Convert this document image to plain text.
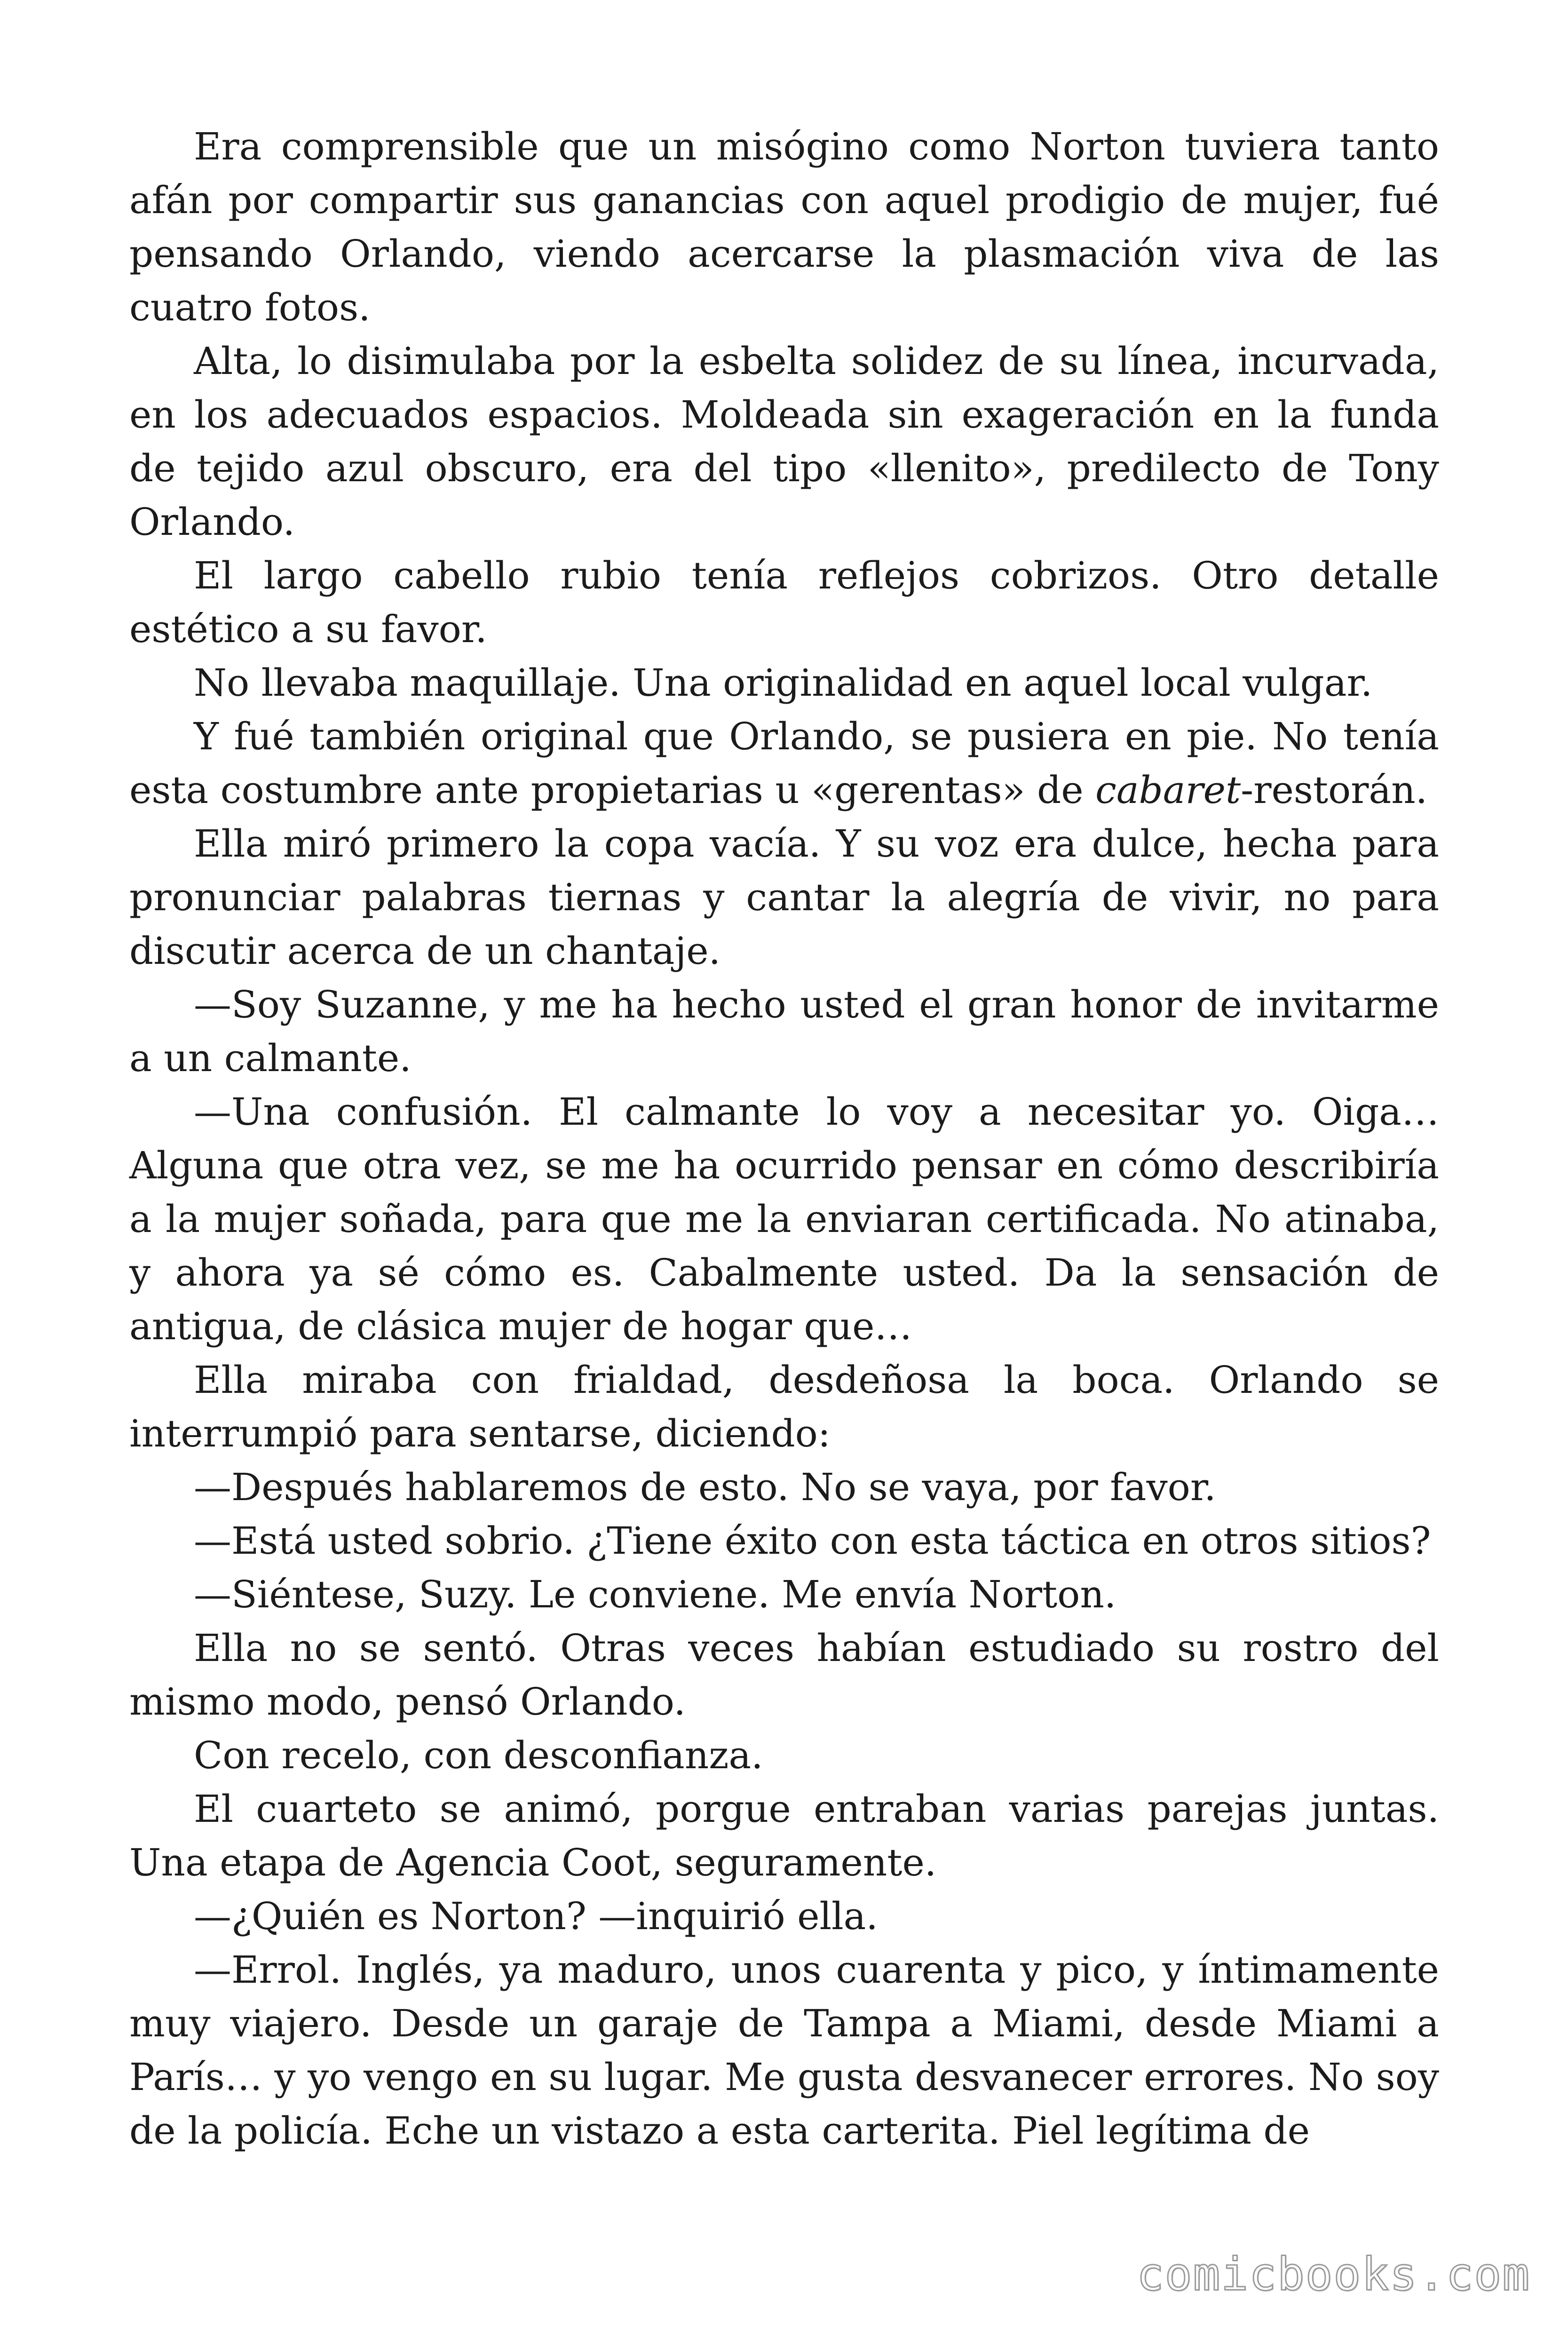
Era comprensible que un misógino como Norton tuviera tanto afán por compartir sus ganancias con aquel prodigio de mujer, fué pensando Orlando, viendo acercarse la plasmación viva de las cuatro fotos.

Alta, lo disimulaba por la esbelta solidez de su línea, incurvada, en los adecuados espacios. Moldeada sin exageración en la funda de tejido azul obscuro, era del tipo «llenito», predilecto de Tony Orlando.

El largo cabello rubio tenía reflejos cobrizos. Otro detalle estético a su favor.

No llevaba maquillaje. Una originalidad en aquel local vulgar.

Y fué también original que Orlando, se pusiera en pie. No tenía esta costumbre ante propietarias u «gerentas» de cabaret-restorán.

Ella miró primero la copa vacía. Y su voz era dulce, hecha para pronunciar palabras tiernas y cantar la alegría de vivir, no para discutir acerca de un chantaje.

—Soy Suzanne, y me ha hecho usted el gran honor de invitarme a un calmante.

—Una confusión. El calmante lo voy a necesitar yo. Oiga… Alguna que otra vez, se me ha ocurrido pensar en cómo describiría a la mujer soñada, para que me la enviaran certificada. No atinaba, y ahora ya sé cómo es. Cabalmente usted. Da la sensación de antigua, de clásica mujer de hogar que…

Ella miraba con frialdad, desdeñosa la boca. Orlando se interrumpió para sentarse, diciendo:

—Después hablaremos de esto. No se vaya, por favor.

—Está usted sobrio. ¿Tiene éxito con esta táctica en otros sitios?

—Siéntese, Suzy. Le conviene. Me envía Norton.

Ella no se sentó. Otras veces habían estudiado su rostro del mismo modo, pensó Orlando.

Con recelo, con desconfianza.

El cuarteto se animó, porgue entraban varias parejas juntas. Una etapa de Agencia Coot, seguramente.

—¿Quién es Norton? —inquirió ella.

—Errol. Inglés, ya maduro, unos cuarenta y pico, y íntimamente muy viajero. Desde un garaje de Tampa a Miami, desde Miami a París… y yo vengo en su lugar. Me gusta desvanecer errores. No soy de la policía. Eche un vistazo a esta carterita. Piel legítima de

comicbooks.com
